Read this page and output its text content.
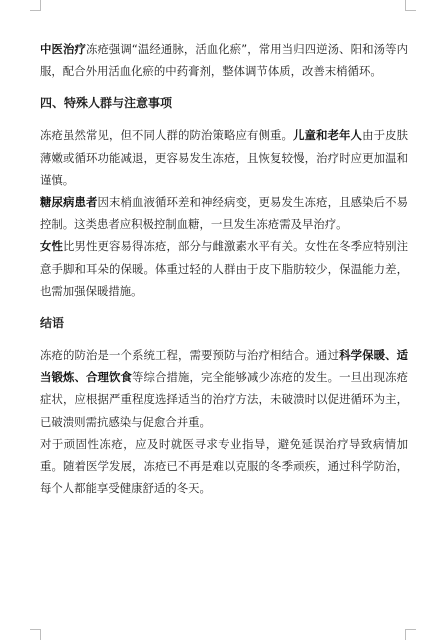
中医治疗冻疮强调“温经通脉，活血化瘀”，常用当归四逆汤、阳和汤等内服，配合外用活血化瘀的中药膏剂，整体调节体质，改善末梢循环。

四、特殊人群与注意事项

冻疮虽然常见，但不同人群的防治策略应有侧重。儿童和老年人由于皮肤薄嫩或循环功能减退，更容易发生冻疮，且恢复较慢，治疗时应更加温和谨慎。

糖尿病患者因末梢血液循环差和神经病变，更易发生冻疮，且感染后不易控制。这类患者应积极控制血糖，一旦发生冻疮需及早治疗。

女性比男性更容易得冻疮，部分与雌激素水平有关。女性在冬季应特别注意手脚和耳朵的保暖。体重过轻的人群由于皮下脂肪较少，保温能力差，也需加强保暖措施。

结语

冻疮的防治是一个系统工程，需要预防与治疗相结合。通过科学保暖、适当锻炼、合理饮食等综合措施，完全能够减少冻疮的发生。一旦出现冻疮症状，应根据严重程度选择适当的治疗方法，未破溃时以促进循环为主，已破溃则需抗感染与促愈合并重。

对于顽固性冻疮，应及时就医寻求专业指导，避免延误治疗导致病情加重。随着医学发展，冻疮已不再是难以克服的冬季顽疾，通过科学防治，每个人都能享受健康舒适的冬天。
